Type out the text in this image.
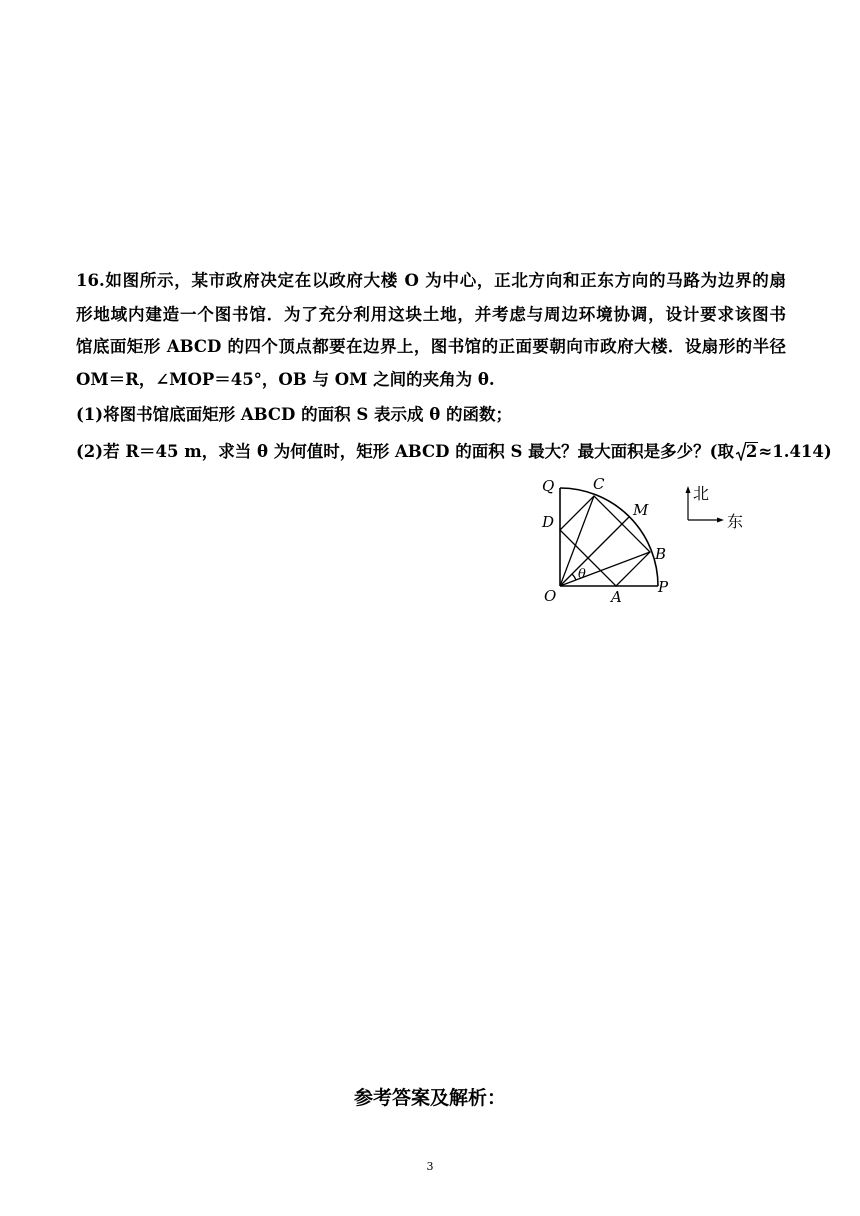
16.如图所示，某市政府决定在以政府大楼 O 为中心，正北方向和正东方向的马路为边界的扇
形地域内建造一个图书馆．为了充分利用这块土地，并考虑与周边环境协调，设计要求该图书
馆底面矩形 ABCD 的四个顶点都要在边界上，图书馆的正面要朝向市政府大楼．设扇形的半径
OM＝R，∠MOP＝45°，OB 与 OM 之间的夹角为 θ.
(1)将图书馆底面矩形 ABCD 的面积 S 表示成 θ 的函数；
(2)若 R＝45 m，求当 θ 为何值时，矩形 ABCD 的面积 S 最大？最大面积是多少？(取 2≈1.414)
Q	C
M
D
B
θ
O	A
P
北
东
参考答案及解析：
3
